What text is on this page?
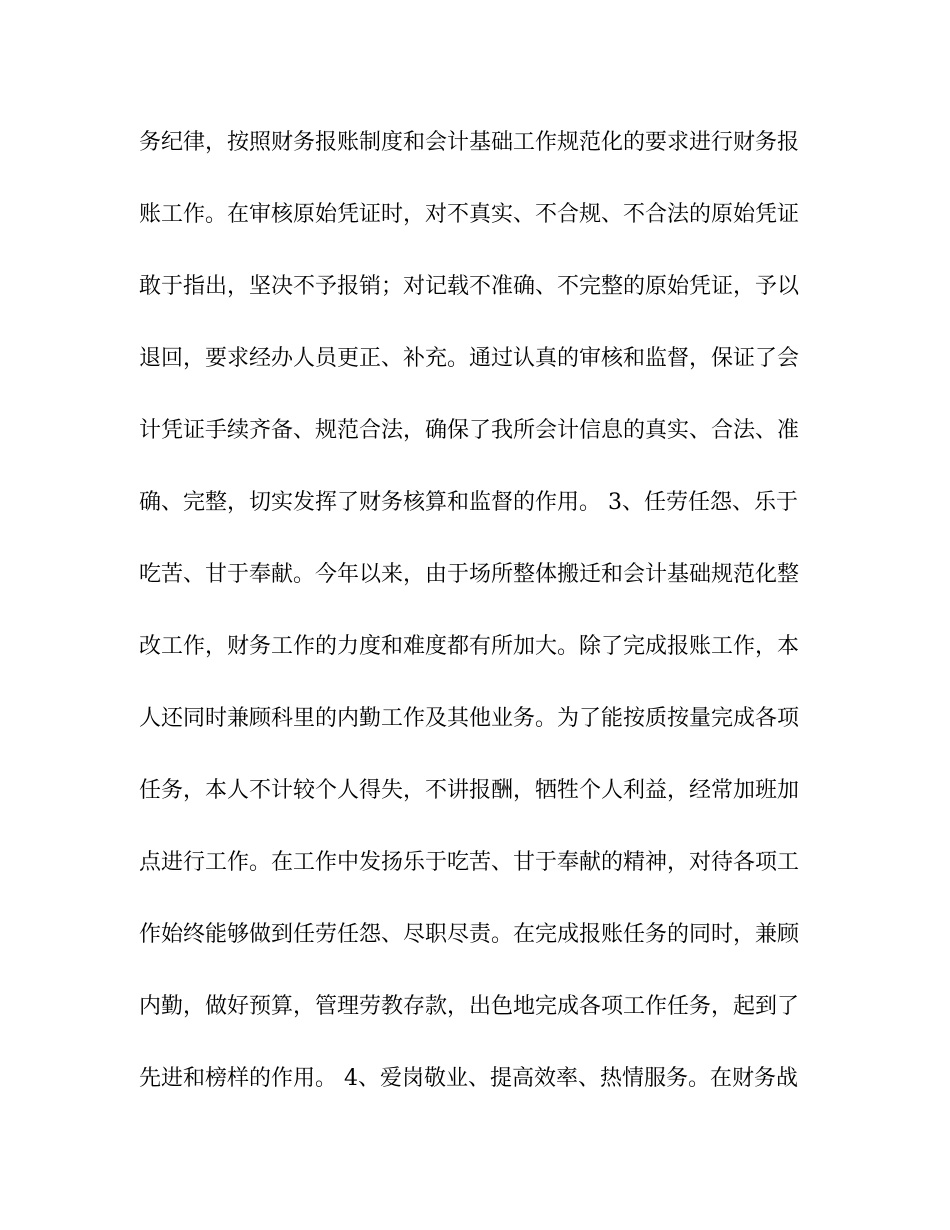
务纪律，按照财务报账制度和会计基础工作规范化的要求进行财务报
账工作。在审核原始凭证时，对不真实、不合规、不合法的原始凭证
敢于指出，坚决不予报销；对记载不准确、不完整的原始凭证，予以
退回，要求经办人员更正、补充。通过认真的审核和监督，保证了会
计凭证手续齐备、规范合法，确保了我所会计信息的真实、合法、准
确、完整，切实发挥了财务核算和监督的作用。 3、任劳任怨、乐于
吃苦、甘于奉献。今年以来，由于场所整体搬迁和会计基础规范化整
改工作，财务工作的力度和难度都有所加大。除了完成报账工作，本
人还同时兼顾科里的内勤工作及其他业务。为了能按质按量完成各项
任务，本人不计较个人得失，不讲报酬，牺牲个人利益，经常加班加
点进行工作。在工作中发扬乐于吃苦、甘于奉献的精神，对待各项工
作始终能够做到任劳任怨、尽职尽责。在完成报账任务的同时，兼顾
内勤，做好预算，管理劳教存款，出色地完成各项工作任务，起到了
先进和榜样的作用。 4、爱岗敬业、提高效率、热情服务。在财务战
